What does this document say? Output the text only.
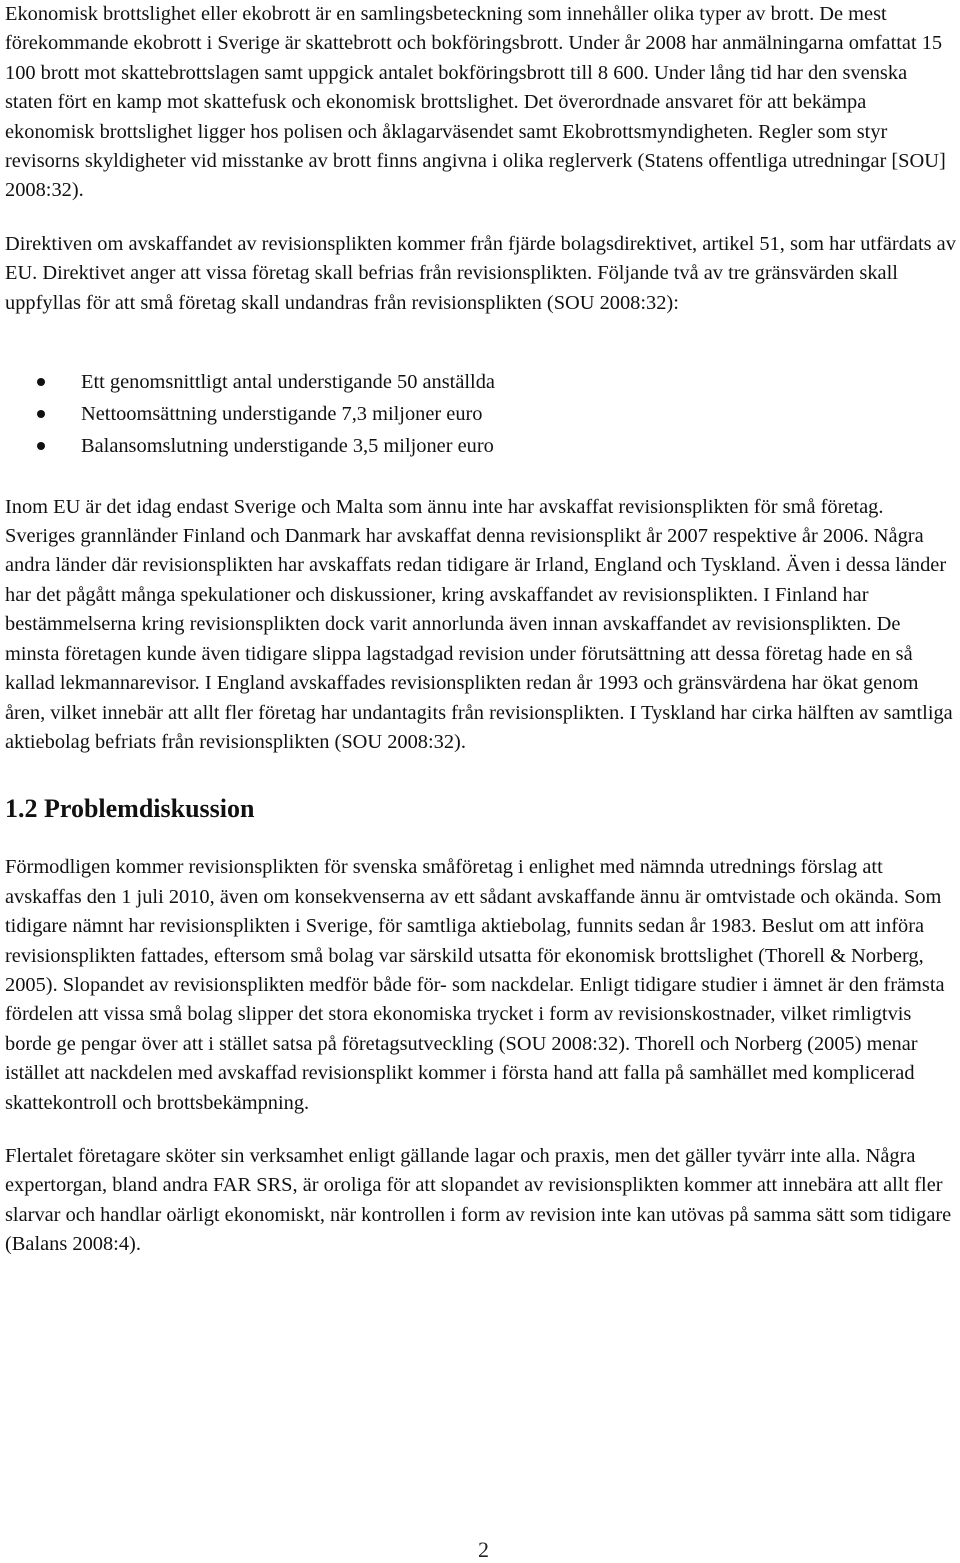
Ekonomisk brottslighet eller ekobrott är en samlingsbeteckning som innehåller olika typer av brott. De mest förekommande ekobrott i Sverige är skattebrott och bokföringsbrott. Under år 2008 har anmälningarna omfattat 15 100 brott mot skattebrottslagen samt uppgick antalet bokföringsbrott till 8 600. Under lång tid har den svenska staten fört en kamp mot skattefusk och ekonomisk brottslighet. Det överordnade ansvaret för att bekämpa ekonomisk brottslighet ligger hos polisen och åklagarväsendet samt Ekobrottsmyndigheten. Regler som styr revisorns skyldigheter vid misstanke av brott finns angivna i olika reglerverk (Statens offentliga utredningar [SOU] 2008:32).

Direktiven om avskaffandet av revisionsplikten kommer från fjärde bolagsdirektivet, artikel 51, som har utfärdats av EU. Direktivet anger att vissa företag skall befrias från revisionsplikten. Följande två av tre gränsvärden skall uppfyllas för att små företag skall undandras från revisionsplikten (SOU 2008:32):

Ett genomsnittligt antal understigande 50 anställda
Nettoomsättning understigande 7,3 miljoner euro
Balansomslutning understigande 3,5 miljoner euro

Inom EU är det idag endast Sverige och Malta som ännu inte har avskaffat revisionsplikten för små företag. Sveriges grannländer Finland och Danmark har avskaffat denna revisionsplikt år 2007 respektive år 2006. Några andra länder där revisionsplikten har avskaffats redan tidigare är Irland, England och Tyskland. Även i dessa länder har det pågått många spekulationer och diskussioner, kring avskaffandet av revisionsplikten. I Finland har bestämmelserna kring revisionsplikten dock varit annorlunda även innan avskaffandet av revisionsplikten. De minsta företagen kunde även tidigare slippa lagstadgad revision under förutsättning att dessa företag hade en så kallad lekmannarevisor. I England avskaffades revisionsplikten redan år 1993 och gränsvärdena har ökat genom åren, vilket innebär att allt fler företag har undantagits från revisionsplikten. I Tyskland har cirka hälften av samtliga aktiebolag befriats från revisionsplikten (SOU 2008:32).

1.2 Problemdiskussion

Förmodligen kommer revisionsplikten för svenska småföretag i enlighet med nämnda utrednings förslag att avskaffas den 1 juli 2010, även om konsekvenserna av ett sådant avskaffande ännu är omtvistade och okända. Som tidigare nämnt har revisionsplikten i Sverige, för samtliga aktiebolag, funnits sedan år 1983. Beslut om att införa revisionsplikten fattades, eftersom små bolag var särskild utsatta för ekonomisk brottslighet (Thorell & Norberg, 2005). Slopandet av revisionsplikten medför både för- som nackdelar. Enligt tidigare studier i ämnet är den främsta fördelen att vissa små bolag slipper det stora ekonomiska trycket i form av revisionskostnader, vilket rimligtvis borde ge pengar över att i stället satsa på företagsutveckling (SOU 2008:32). Thorell och Norberg (2005) menar istället att nackdelen med avskaffad revisionsplikt kommer i första hand att falla på samhället med komplicerad skattekontroll och brottsbekämpning.

Flertalet företagare sköter sin verksamhet enligt gällande lagar och praxis, men det gäller tyvärr inte alla. Några expertorgan, bland andra FAR SRS, är oroliga för att slopandet av revisionsplikten kommer att innebära att allt fler slarvar och handlar oärligt ekonomiskt, när kontrollen i form av revision inte kan utövas på samma sätt som tidigare (Balans 2008:4).

2
